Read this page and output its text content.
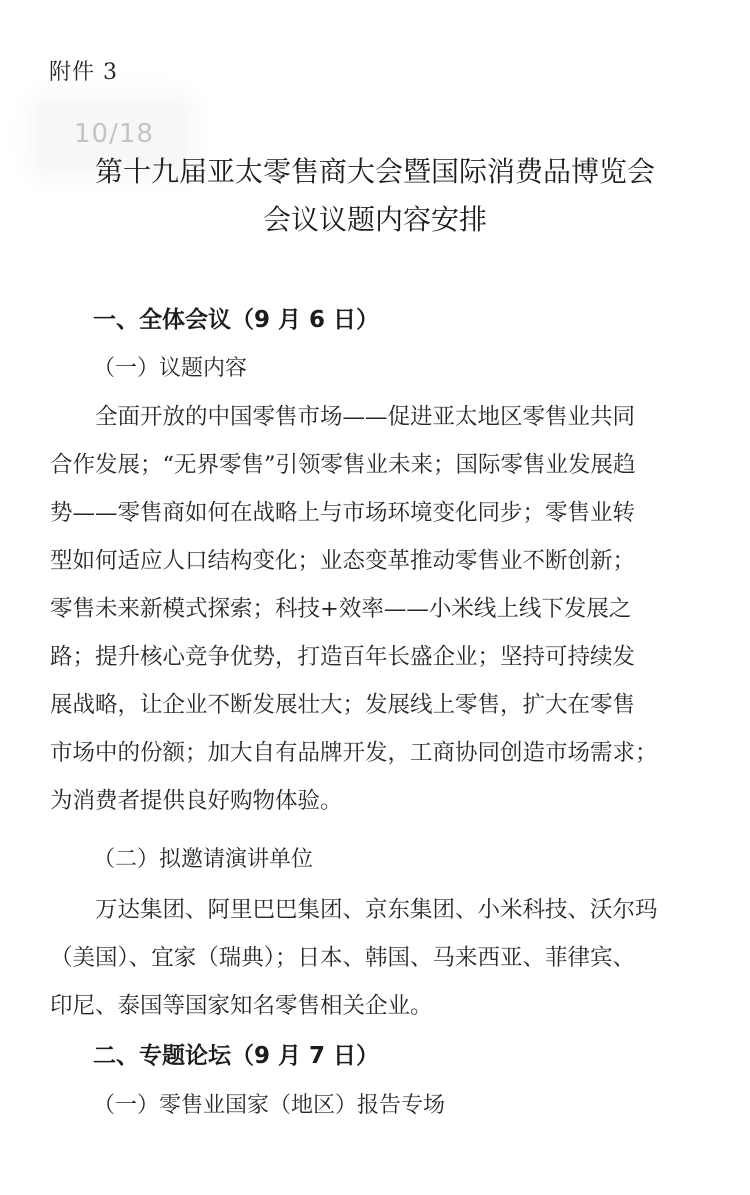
附件 3
10/18
第十九届亚太零售商大会暨国际消费品博览会
会议议题内容安排
一、全体会议（9 月 6 日）
（一）议题内容
　　全面开放的中国零售市场——促进亚太地区零售业共同
合作发展；“无界零售”引领零售业未来；国际零售业发展趋
势——零售商如何在战略上与市场环境变化同步；零售业转
型如何适应人口结构变化；业态变革推动零售业不断创新；
零售未来新模式探索；科技+效率——小米线上线下发展之
路；提升核心竞争优势，打造百年长盛企业；坚持可持续发
展战略，让企业不断发展壮大；发展线上零售，扩大在零售
市场中的份额；加大自有品牌开发，工商协同创造市场需求；
为消费者提供良好购物体验。
（二）拟邀请演讲单位
　　万达集团、阿里巴巴集团、京东集团、小米科技、沃尔玛
（美国）、宜家（瑞典）；日本、韩国、马来西亚、菲律宾、
印尼、泰国等国家知名零售相关企业。
二、专题论坛（9 月 7 日）
（一）零售业国家（地区）报告专场
